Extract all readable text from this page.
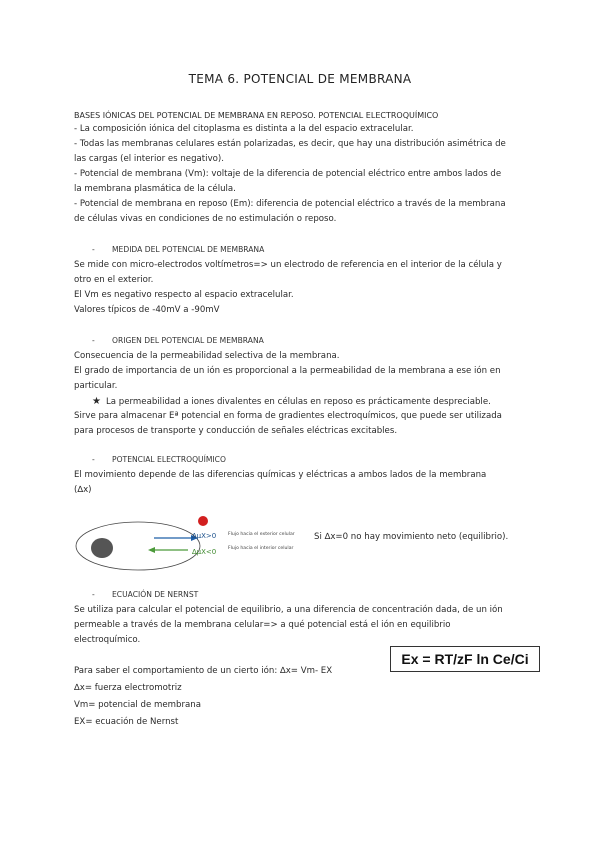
TEMA 6. POTENCIAL DE MEMBRANA
BASES IÓNICAS DEL POTENCIAL DE MEMBRANA EN REPOSO. POTENCIAL ELECTROQUÍMICO
- La composición iónica del citoplasma es distinta a la del espacio extracelular.
- Todas las membranas celulares están polarizadas, es decir, que hay una distribución asimétrica de
las cargas (el interior es negativo).
- Potencial de membrana (Vm): voltaje de la diferencia de potencial eléctrico entre ambos lados de
la membrana plasmática de la célula.
- Potencial de membrana en reposo (Em): diferencia de potencial eléctrico a través de la membrana
de células vivas en condiciones de no estimulación o reposo.
- MEDIDA DEL POTENCIAL DE MEMBRANA
Se mide con micro-electrodos voltímetros=> un electrodo de referencia en el interior de la célula y
otro en el exterior.
El Vm es negativo respecto al espacio extracelular.
Valores típicos de -40mV a -90mV
- ORIGEN DEL POTENCIAL DE MEMBRANA
Consecuencia de la permeabilidad selectiva de la membrana.
El grado de importancia de un ión es proporcional a la permeabilidad de la membrana a ese ión en
particular.
★ La permeabilidad a iones divalentes en células en reposo es prácticamente despreciable.
Sirve para almacenar Eª potencial en forma de gradientes electroquímicos, que puede ser utilizada
para procesos de transporte y conducción de señales eléctricas excitables.
- POTENCIAL ELECTROQUÍMICO
El movimiento depende de las diferencias químicas y eléctricas a ambos lados de la membrana
(∆x)
∆µX>0
∆µX<0
Flujo hacia el exterior celular
Flujo hacia el interior celular
Si ∆x=0 no hay movimiento neto (equilibrio).
- ECUACIÓN DE NERNST
Se utiliza para calcular el potencial de equilibrio, a una diferencia de concentración dada, de un ión
permeable a través de la membrana celular=> a qué potencial está el ión en equilibrio
electroquímico.
Ex = RT/zF ln Ce/Ci
Para saber el comportamiento de un cierto ión: ∆x= Vm- EX
∆x= fuerza electromotriz
Vm= potencial de membrana
EX= ecuación de Nernst
